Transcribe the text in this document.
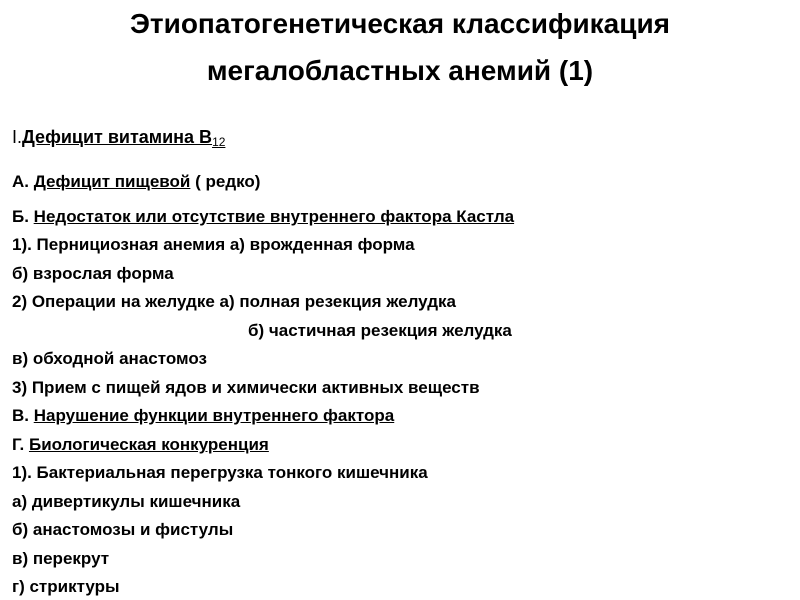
Этиопатогенетическая классификация
мегалобластных анемий (1)
I.Дефицит витамина В12
А. Дефицит пищевой ( редко)
Б. Недостаток или отсутствие внутреннего фактора Кастла
1). Пернициозная анемия а) врожденная форма
б) взрослая форма
2) Операции на желудке а) полная резекция желудка
б) частичная резекция желудка
в) обходной анастомоз
3) Прием с пищей ядов и химически активных веществ
В. Нарушение функции внутреннего фактора
Г. Биологическая конкуренция
1). Бактериальная перегрузка тонкого кишечника
а) дивертикулы кишечника
б) анастомозы и фистулы
в) перекрут
г) стриктуры
